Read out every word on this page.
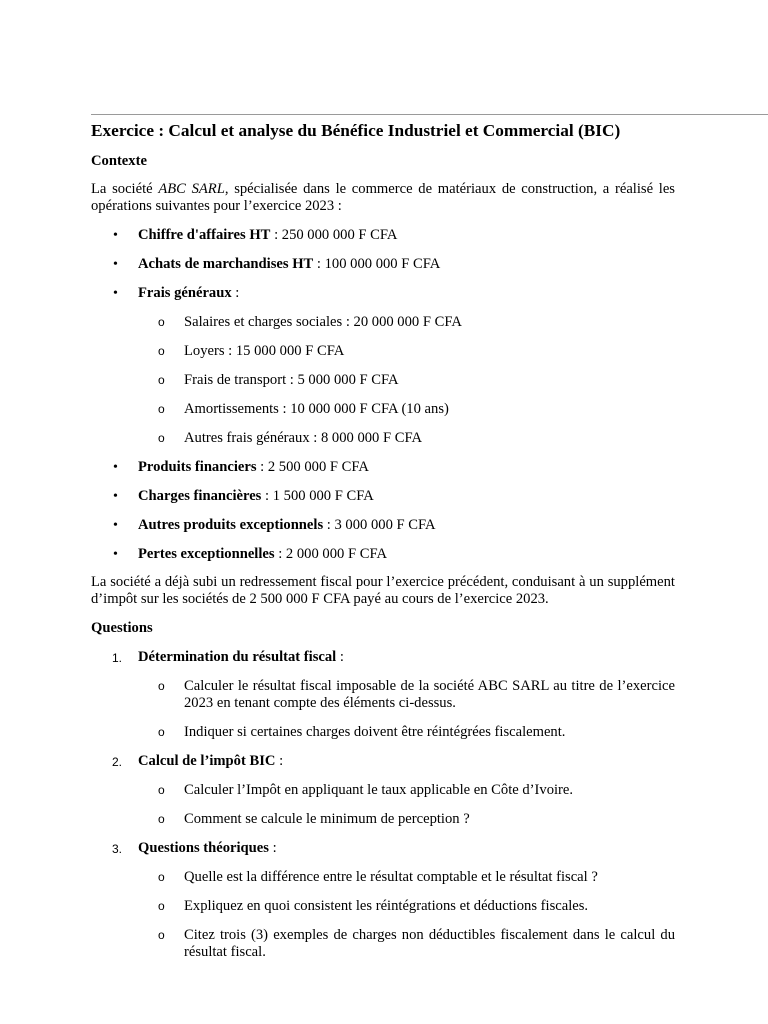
Exercice : Calcul et analyse du Bénéfice Industriel et Commercial (BIC)

Contexte

La société ABC SARL, spécialisée dans le commerce de matériaux de construction, a réalisé les opérations suivantes pour l’exercice 2023 :

• Chiffre d'affaires HT : 250 000 000 F CFA
• Achats de marchandises HT : 100 000 000 F CFA
• Frais généraux :
o Salaires et charges sociales : 20 000 000 F CFA
o Loyers : 15 000 000 F CFA
o Frais de transport : 5 000 000 F CFA
o Amortissements : 10 000 000 F CFA (10 ans)
o Autres frais généraux : 8 000 000 F CFA
• Produits financiers : 2 500 000 F CFA
• Charges financières : 1 500 000 F CFA
• Autres produits exceptionnels : 3 000 000 F CFA
• Pertes exceptionnelles : 2 000 000 F CFA

La société a déjà subi un redressement fiscal pour l’exercice précédent, conduisant à un supplément d’impôt sur les sociétés de 2 500 000 F CFA payé au cours de l’exercice 2023.

Questions

1. Détermination du résultat fiscal :
o Calculer le résultat fiscal imposable de la société ABC SARL au titre de l’exercice 2023 en tenant compte des éléments ci-dessus.
o Indiquer si certaines charges doivent être réintégrées fiscalement.
2. Calcul de l’impôt BIC :
o Calculer l’Impôt en appliquant le taux applicable en Côte d’Ivoire.
o Comment se calcule le minimum de perception ?
3. Questions théoriques :
o Quelle est la différence entre le résultat comptable et le résultat fiscal ?
o Expliquez en quoi consistent les réintégrations et déductions fiscales.
o Citez trois (3) exemples de charges non déductibles fiscalement dans le calcul du résultat fiscal.
